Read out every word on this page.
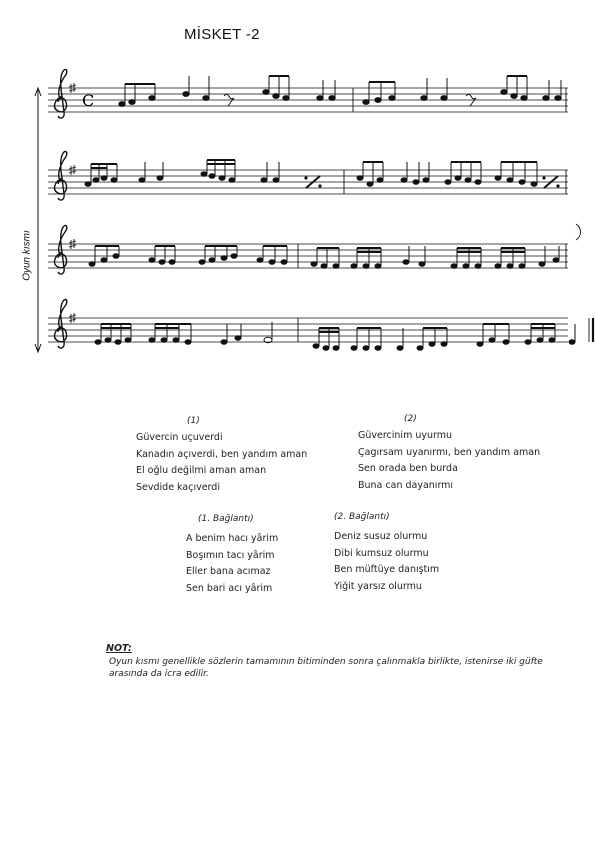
MİSKET -2
C
Oyun kısmı
(1)
Güvercin uçuverdi
Kanadın açıverdi, ben yandım aman
El oğlu değilmi aman aman
Sevdide kaçıverdi
(2)
Güvercinim uyurmu
Çagırsam uyanırmı, ben yandım aman
Sen orada ben burda
Buna can dayanırmı
(1. Bağlantı)
A benim hacı yârim
Boşımın tacı yârim
Eller bana acımaz
Sen bari acı yârim
(2. Bağlantı)
Deniz susuz olurmu
Dibi kumsuz olurmu
Ben müftüye danıştım
Yiğit yarsız olurmu
NOT:
Oyun kısmı genellikle sözlerin tamamının bitiminden sonra çalınmakla birlikte, istenirse iki güfte arasında da icra edilir.
